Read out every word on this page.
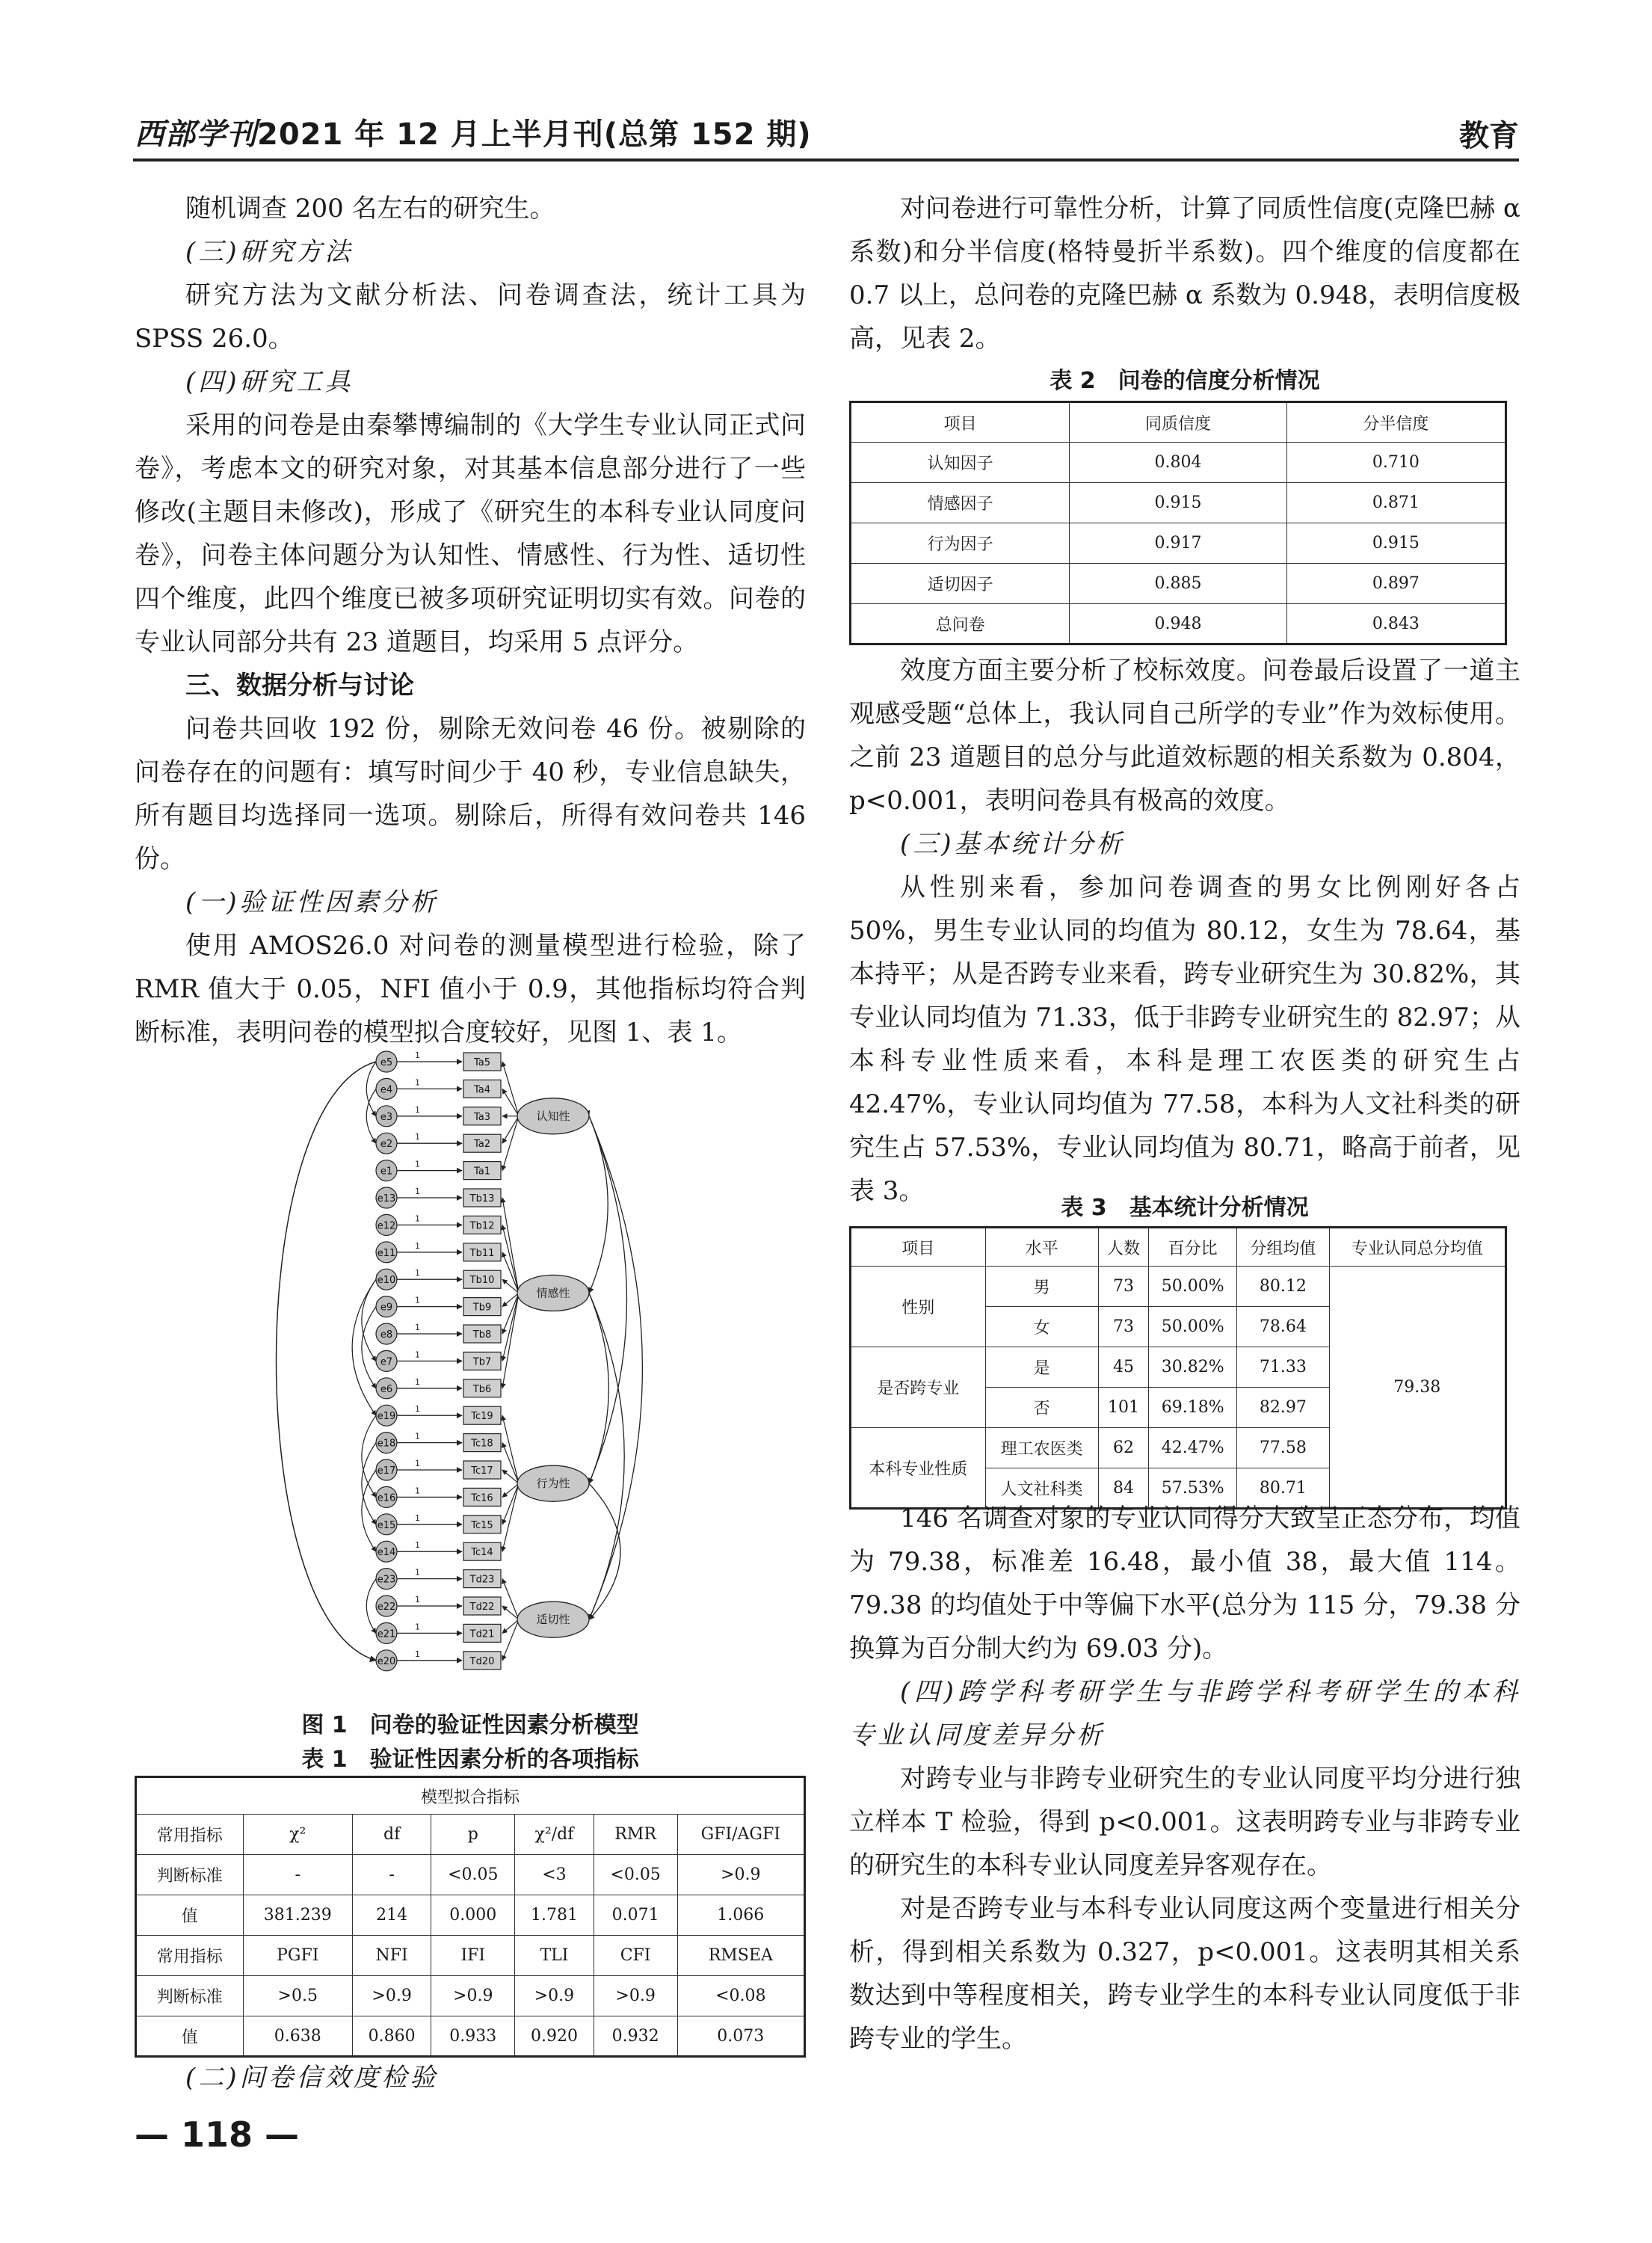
西部学刊2021 年 12 月上半月刊(总第 152 期)	教育

随机调查 200 名左右的研究生。

(三)研究方法

研究方法为文献分析法、问卷调查法，统计工具为 SPSS 26.0。

(四)研究工具

采用的问卷是由秦攀博编制的《大学生专业认同正式问卷》，考虑本文的研究对象，对其基本信息部分进行了一些修改(主题目未修改)，形成了《研究生的本科专业认同度问卷》，问卷主体问题分为认知性、情感性、行为性、适切性四个维度，此四个维度已被多项研究证明切实有效。问卷的专业认同部分共有 23 道题目，均采用 5 点评分。

三、数据分析与讨论

问卷共回收 192 份，剔除无效问卷 46 份。被剔除的问卷存在的问题有：填写时间少于 40 秒，专业信息缺失，所有题目均选择同一选项。剔除后，所得有效问卷共 146 份。

(一)验证性因素分析

使用 AMOS26.0 对问卷的测量模型进行检验，除了 RMR 值大于 0.05，NFI 值小于 0.9，其他指标均符合判断标准，表明问卷的模型拟合度较好，见图 1、表 1。

1
e5	Ta5
1
e4	Ta4
1
e3	Ta3
1
e2	Ta2
1
e1	Ta1
1
e13	Tb13
1
e12	Tb12
1
e11	Tb11
1
e10	Tb10
1
e9	Tb9
1
e8	Tb8
1
e7	Tb7
1
e6	Tb6
1
e19	Tc19
1
e18	Tc18
1
e17	Tc17
1
e16	Tc16
1
e15	Tc15
1
e14	Tc14
1
e23	Td23
1
e22	Td22
1
e21	Td21
1
e20	Td20
认知性
情感性
行为性
适切性
图 1　问卷的验证性因素分析模型
表 1　验证性因素分析的各项指标
模型拟合指标						
常用指标	χ²	df	p	χ²/df	RMR	GFI/AGFI
判断标准	-	-	<0.05	<3	<0.05	>0.9
值	381.239	214	0.000	1.781	0.071	1.066
常用指标	PGFI	NFI	IFI	TLI	CFI	RMSEA
判断标准	>0.5	>0.9	>0.9	>0.9	>0.9	<0.08
值	0.638	0.860	0.933	0.920	0.932	0.073

(二)问卷信效度检验

对问卷进行可靠性分析，计算了同质性信度(克隆巴赫 α 系数)和分半信度(格特曼折半系数)。四个维度的信度都在 0.7 以上，总问卷的克隆巴赫 α 系数为 0.948，表明信度极高，见表 2。

表 2　问卷的信度分析情况
项目	同质信度	分半信度
认知因子	0.804	0.710
情感因子	0.915	0.871
行为因子	0.917	0.915
适切因子	0.885	0.897
总问卷	0.948	0.843

效度方面主要分析了校标效度。问卷最后设置了一道主观感受题“总体上，我认同自己所学的专业”作为效标使用。之前 23 道题目的总分与此道效标题的相关系数为 0.804，p<0.001，表明问卷具有极高的效度。

(三)基本统计分析

从性别来看，参加问卷调查的男女比例刚好各占 50%，男生专业认同的均值为 80.12，女生为 78.64，基本持平；从是否跨专业来看，跨专业研究生为 30.82%，其专业认同均值为 71.33，低于非跨专业研究生的 82.97；从本科专业性质来看，本科是理工农医类的研究生占 42.47%，专业认同均值为 77.58，本科为人文社科类的研究生占 57.53%，专业认同均值为 80.71，略高于前者，见表 3。

表 3　基本统计分析情况
项目	水平	人数	百分比	分组均值	专业认同总分均值
性别	男	73	50.00%	80.12	79.38
	女	73	50.00%	78.64	
是否跨专业	是	45	30.82%	71.33	
	否	101	69.18%	82.97	
本科专业性质	理工农医类	62	42.47%	77.58	
	人文社科类	84	57.53%	80.71	

146 名调查对象的专业认同得分大致呈正态分布，均值为 79.38，标准差 16.48，最小值 38，最大值 114。79.38 的均值处于中等偏下水平(总分为 115 分，79.38 分换算为百分制大约为 69.03 分)。

(四)跨学科考研学生与非跨学科考研学生的本科专业认同度差异分析

对跨专业与非跨专业研究生的专业认同度平均分进行独立样本 T 检验，得到 p<0.001。这表明跨专业与非跨专业的研究生的本科专业认同度差异客观存在。

对是否跨专业与本科专业认同度这两个变量进行相关分析，得到相关系数为 0.327，p<0.001。这表明其相关系数达到中等程度相关，跨专业学生的本科专业认同度低于非跨专业的学生。

— 118 —
